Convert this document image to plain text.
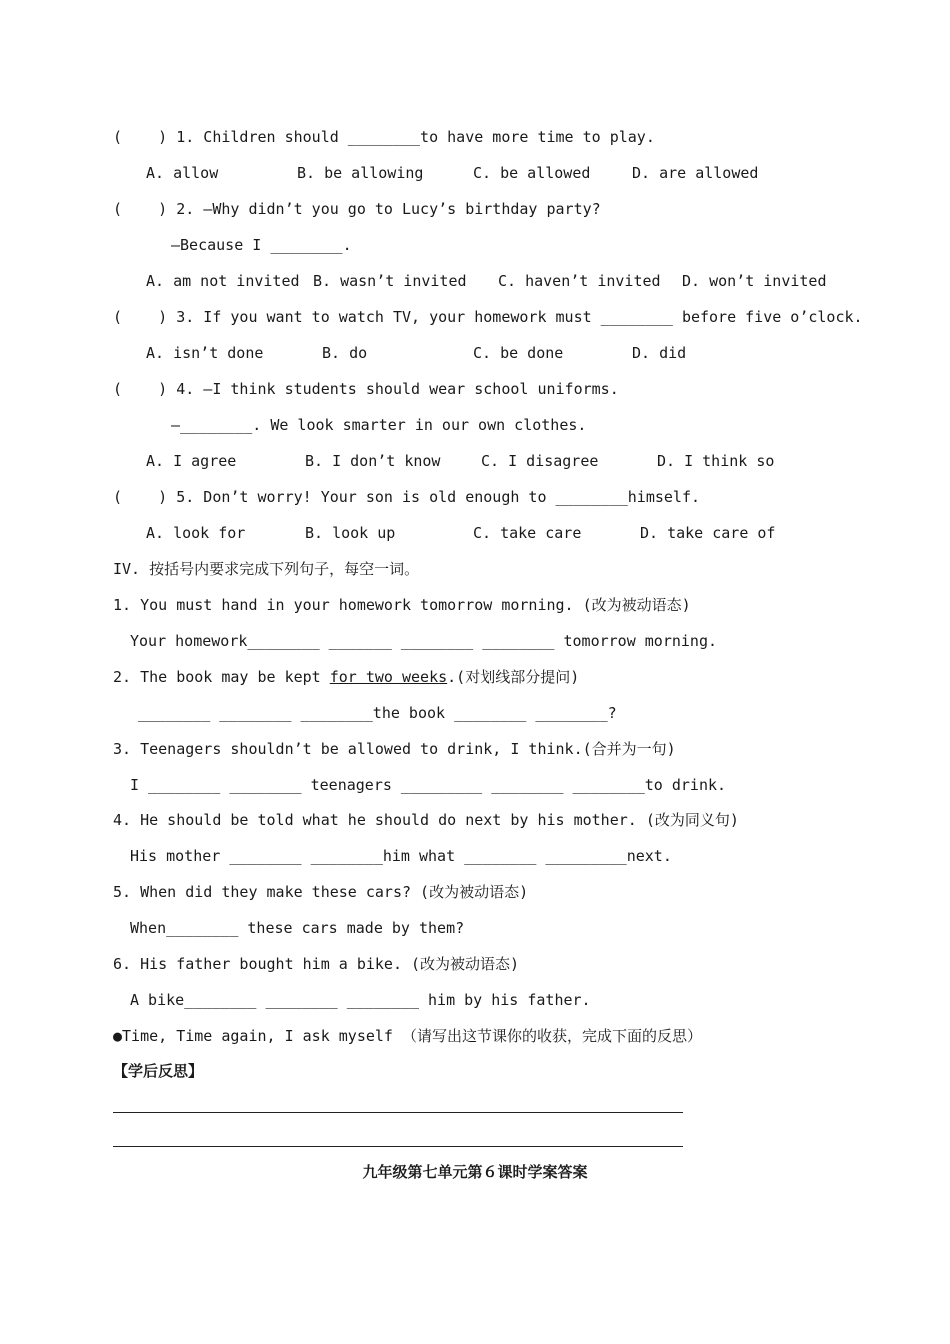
(    ) 1. Children should ________to have more time to play.
A. allow	B. be allowing	C. be allowed	D. are allowed
(    ) 2. —Why didn’t you go to Lucy’s birthday party?
—Because I ________.
A. am not invited B. wasn’t invited C. haven’t invited D. won’t invited
(    ) 3. If you want to watch TV, your homework must ________ before five o’clock.
A. isn’t done	B. do	C. be done	D. did
(    ) 4. —I think students should wear school uniforms.
—________. We look smarter in our own clothes.
A. I agree	B. I don’t know	C. I disagree	D. I think so
(    ) 5. Don’t worry! Your son is old enough to ________himself.
A. look for	B. look up	C. take care	D. take care of
IV. 按括号内要求完成下列句子，每空一词。
1. You must hand in your homework tomorrow morning. (改为被动语态)
Your homework________ _______ ________ ________ tomorrow morning.
2. The book may be kept for two weeks.(对划线部分提问)
________ ________ ________the book ________ ________?
3. Teenagers shouldn’t be allowed to drink, I think.(合并为一句)
I ________ ________ teenagers _________ ________ ________to drink.
4. He should be told what he should do next by his mother. (改为同义句)
His mother ________ ________him what ________ _________next.
5. When did they make these cars? (改为被动语态)
When________ these cars made by them?
6. His father bought him a bike. (改为被动语态)
A bike________ ________ ________ him by his father.
●Time, Time again, I ask myself （请写出这节课你的收获，完成下面的反思）
【学后反思】
九年级第七单元第６课时学案答案
